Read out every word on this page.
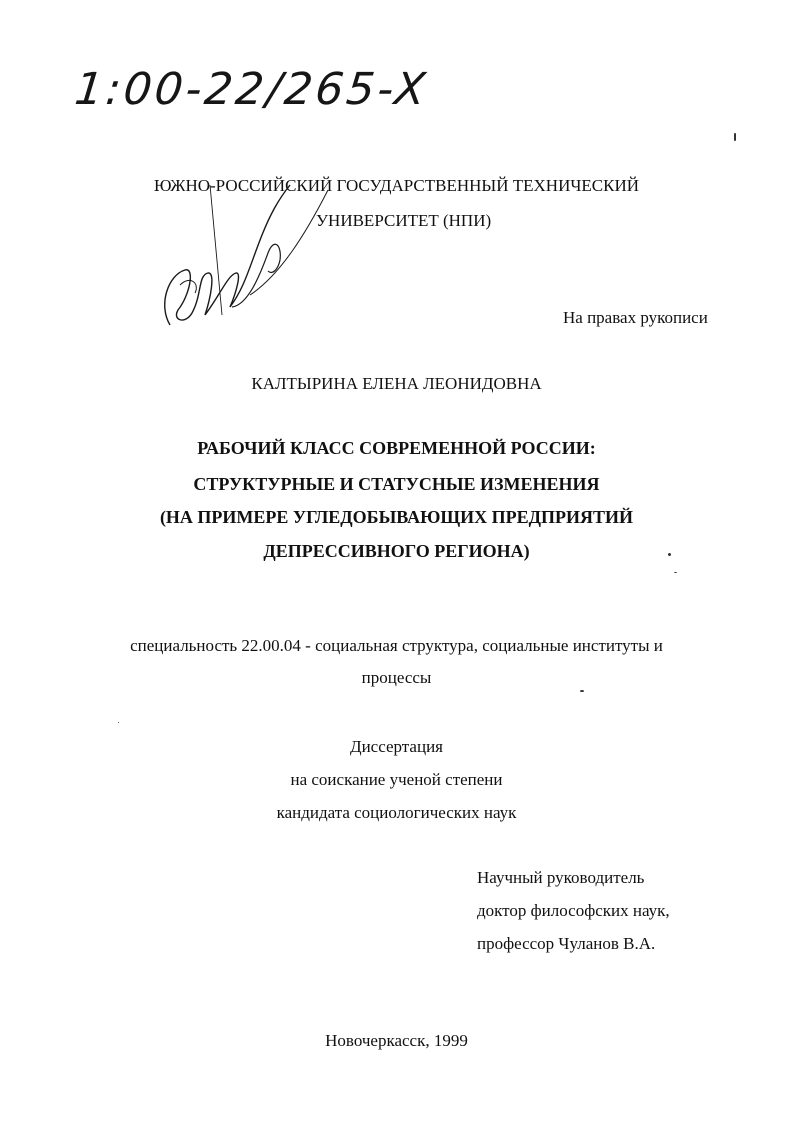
1:00-22/265-X
ЮЖНО-РОССИЙСКИЙ ГОСУДАРСТВЕННЫЙ ТЕХНИЧЕСКИЙ
УНИВЕРСИТЕТ (НПИ)
На правах рукописи
КАЛТЫРИНА ЕЛЕНА ЛЕОНИДОВНА
РАБОЧИЙ КЛАСС СОВРЕМЕННОЙ РОССИИ:
СТРУКТУРНЫЕ И СТАТУСНЫЕ ИЗМЕНЕНИЯ
(НА ПРИМЕРЕ УГЛЕДОБЫВАЮЩИХ ПРЕДПРИЯТИЙ
ДЕПРЕССИВНОГО РЕГИОНА)
специальность 22.00.04 - социальная структура, социальные институты и
процессы
Диссертация
на соискание ученой степени
кандидата социологических наук
Научный руководитель
доктор философских наук,
профессор Чуланов В.А.
Новочеркасск, 1999
